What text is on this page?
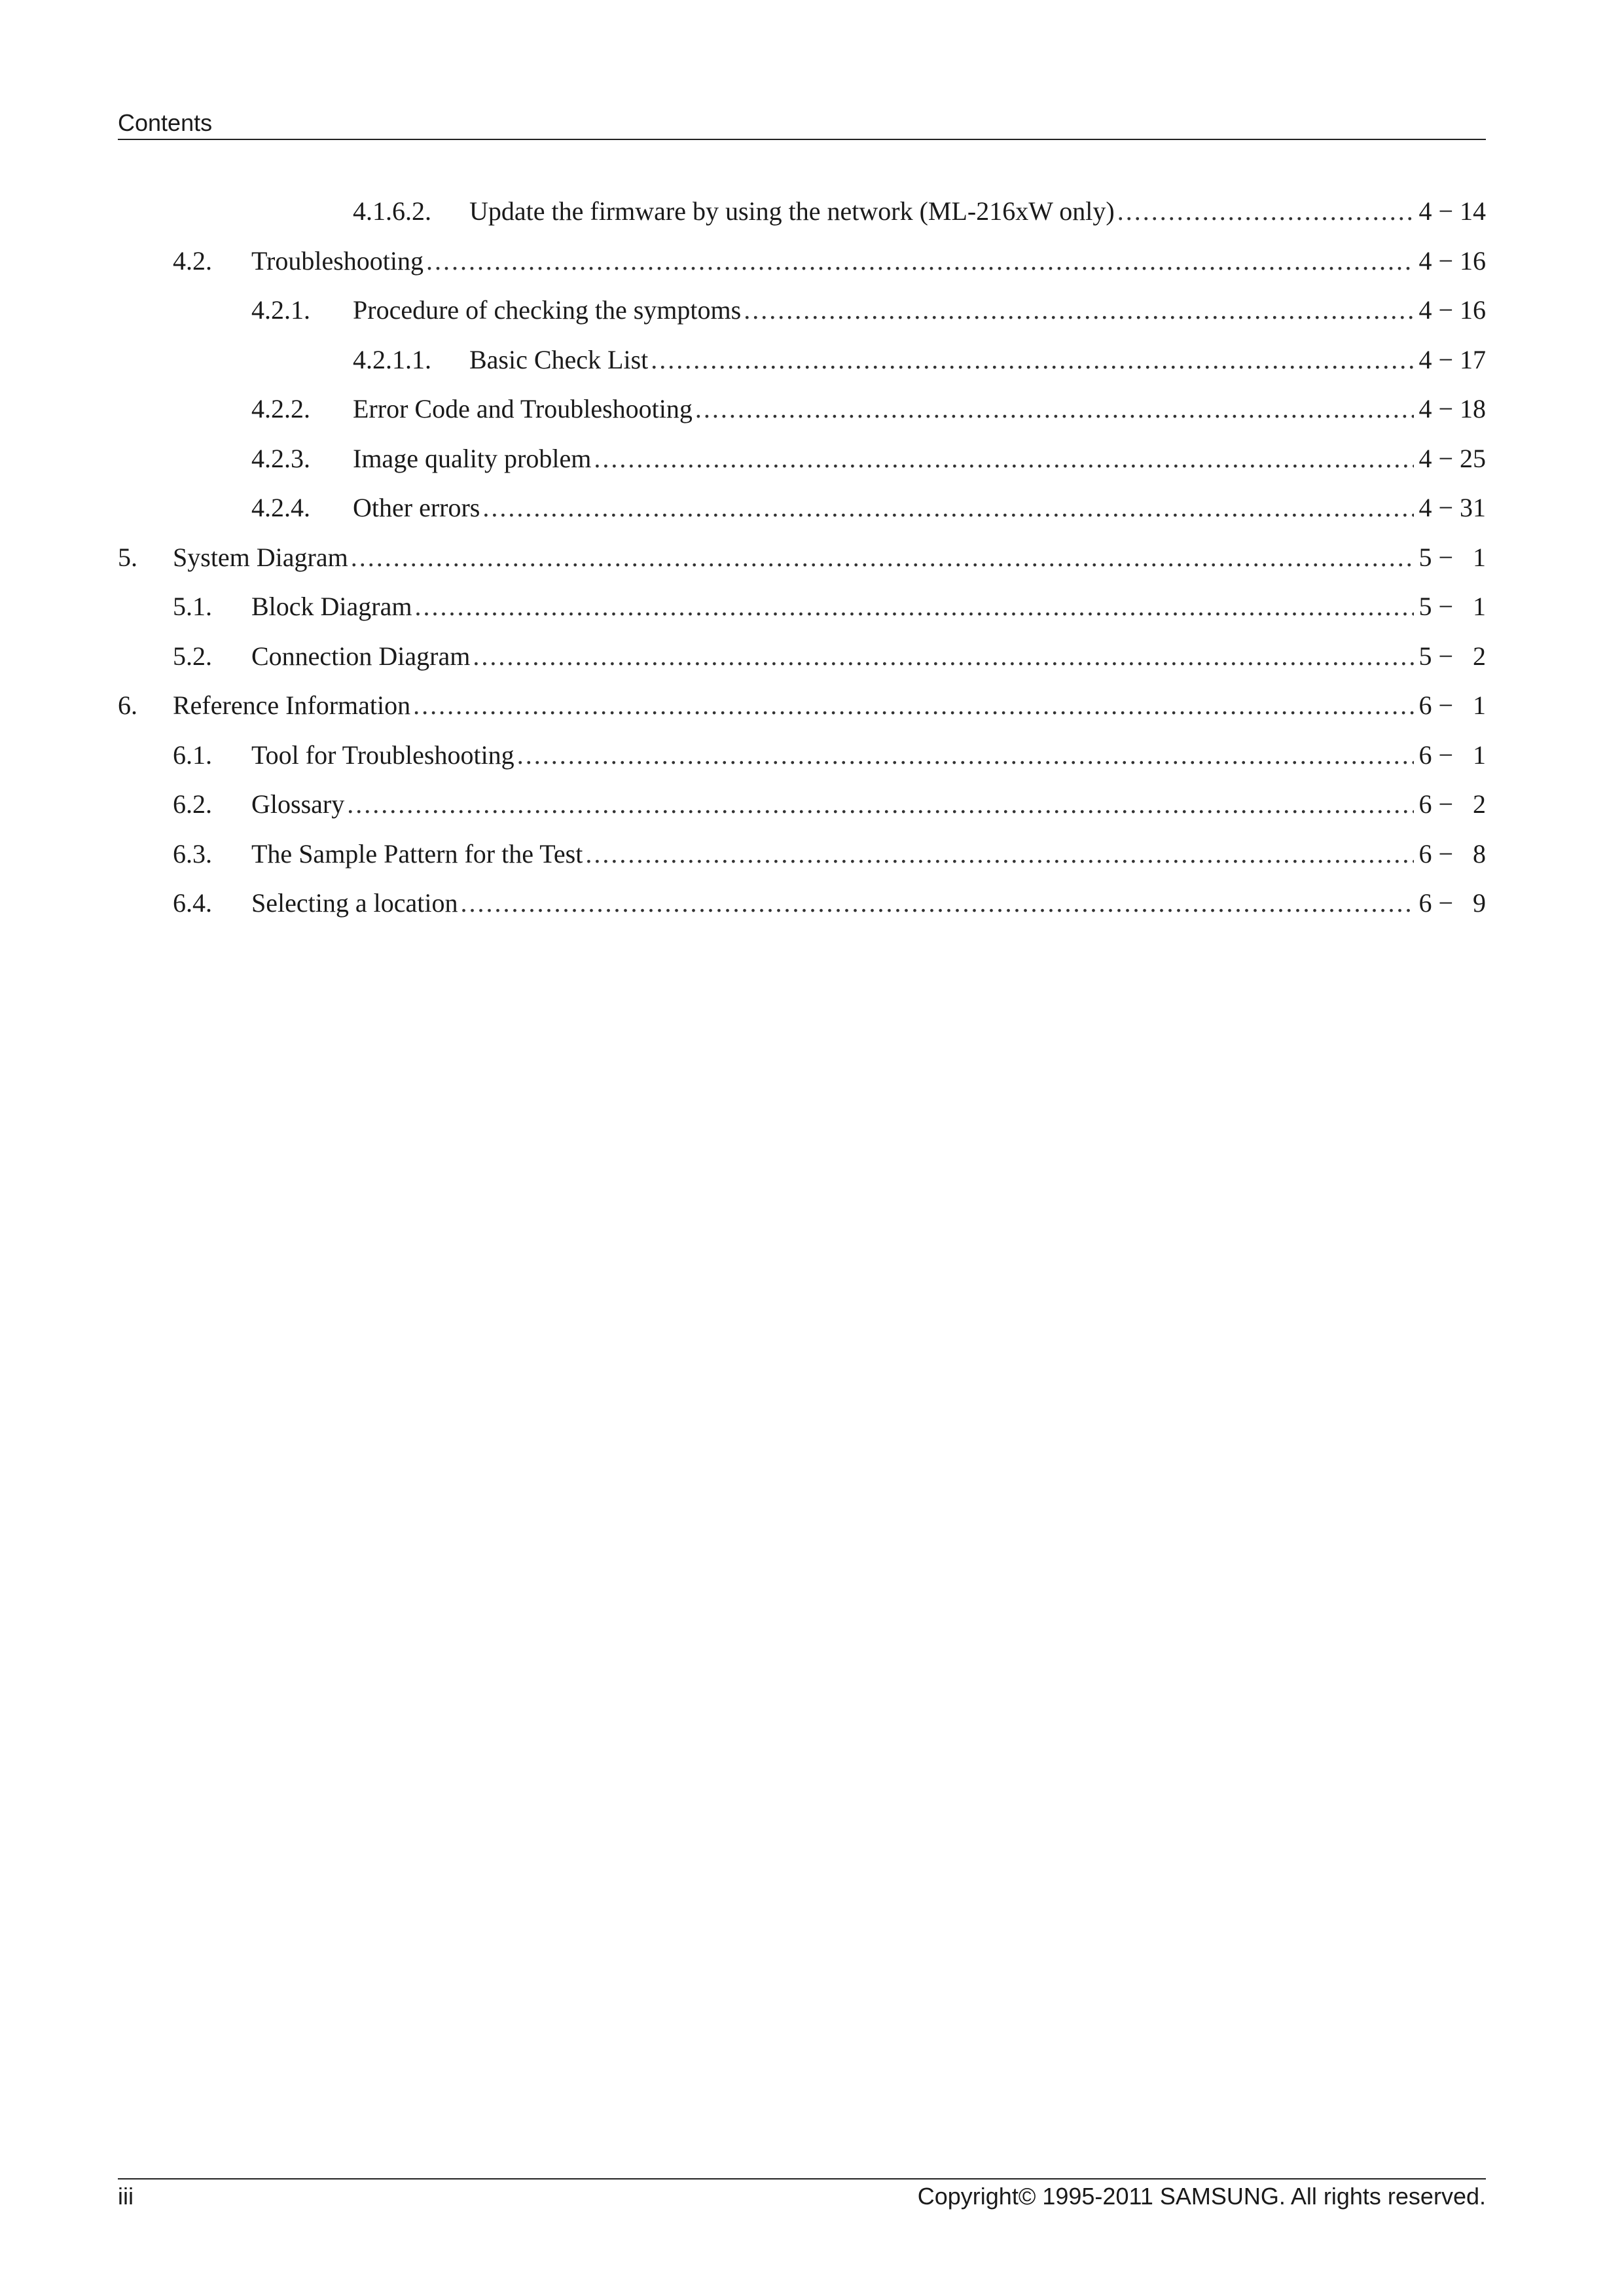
Contents
4.1.6.2.	Update the firmware by using the network (ML-216xW only) .....	4 − 14
4.2.	Troubleshooting .....	4 − 16
4.2.1.	Procedure of checking the symptoms .....	4 − 16
4.2.1.1.	Basic Check List .....	4 − 17
4.2.2.	Error Code and Troubleshooting .....	4 − 18
4.2.3.	Image quality problem .....	4 − 25
4.2.4.	Other errors .....	4 − 31
5.	System Diagram .....	5 −   1
5.1.	Block Diagram .....	5 −   1
5.2.	Connection Diagram .....	5 −   2
6.	Reference Information .....	6 −   1
6.1.	Tool for Troubleshooting .....	6 −   1
6.2.	Glossary .....	6 −   2
6.3.	The Sample Pattern for the Test .....	6 −   8
6.4.	Selecting a location .....	6 −   9
iii	Copyright© 1995-2011 SAMSUNG. All rights reserved.
